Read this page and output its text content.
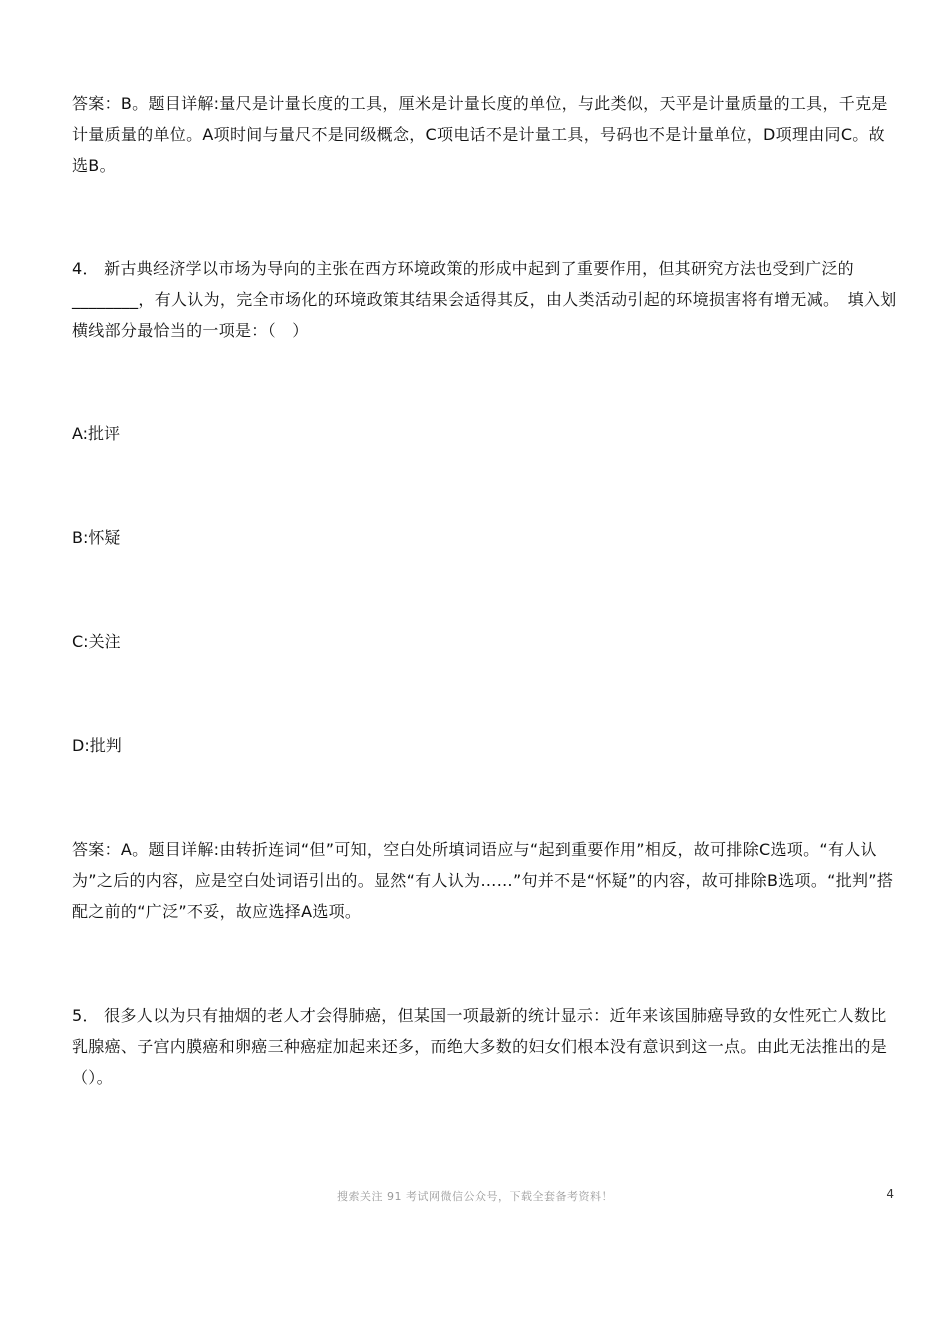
答案：B。题目详解:量尺是计量长度的工具，厘米是计量长度的单位，与此类似，天平是计量质量的工具，千克是计量质量的单位。A项时间与量尺不是同级概念，C项电话不是计量工具，号码也不是计量单位，D项理由同C。故选B。

4． 新古典经济学以市场为导向的主张在西方环境政策的形成中起到了重要作用，但其研究方法也受到广泛的________，有人认为，完全市场化的环境政策其结果会适得其反，由人类活动引起的环境损害将有增无减。　填入划横线部分最恰当的一项是：（　）

A:批评

B:怀疑

C:关注

D:批判

答案：A。题目详解:由转折连词“但”可知，空白处所填词语应与“起到重要作用”相反，故可排除C选项。“有人认为”之后的内容，应是空白处词语引出的。显然“有人认为……”句并不是“怀疑”的内容，故可排除B选项。“批判”搭配之前的“广泛”不妥，故应选择A选项。

5． 很多人以为只有抽烟的老人才会得肺癌，但某国一项最新的统计显示：近年来该国肺癌导致的女性死亡人数比乳腺癌、子宫内膜癌和卵癌三种癌症加起来还多，而绝大多数的妇女们根本没有意识到这一点。由此无法推出的是（）。

搜索关注 91 考试网微信公众号，下载全套备考资料！	4
